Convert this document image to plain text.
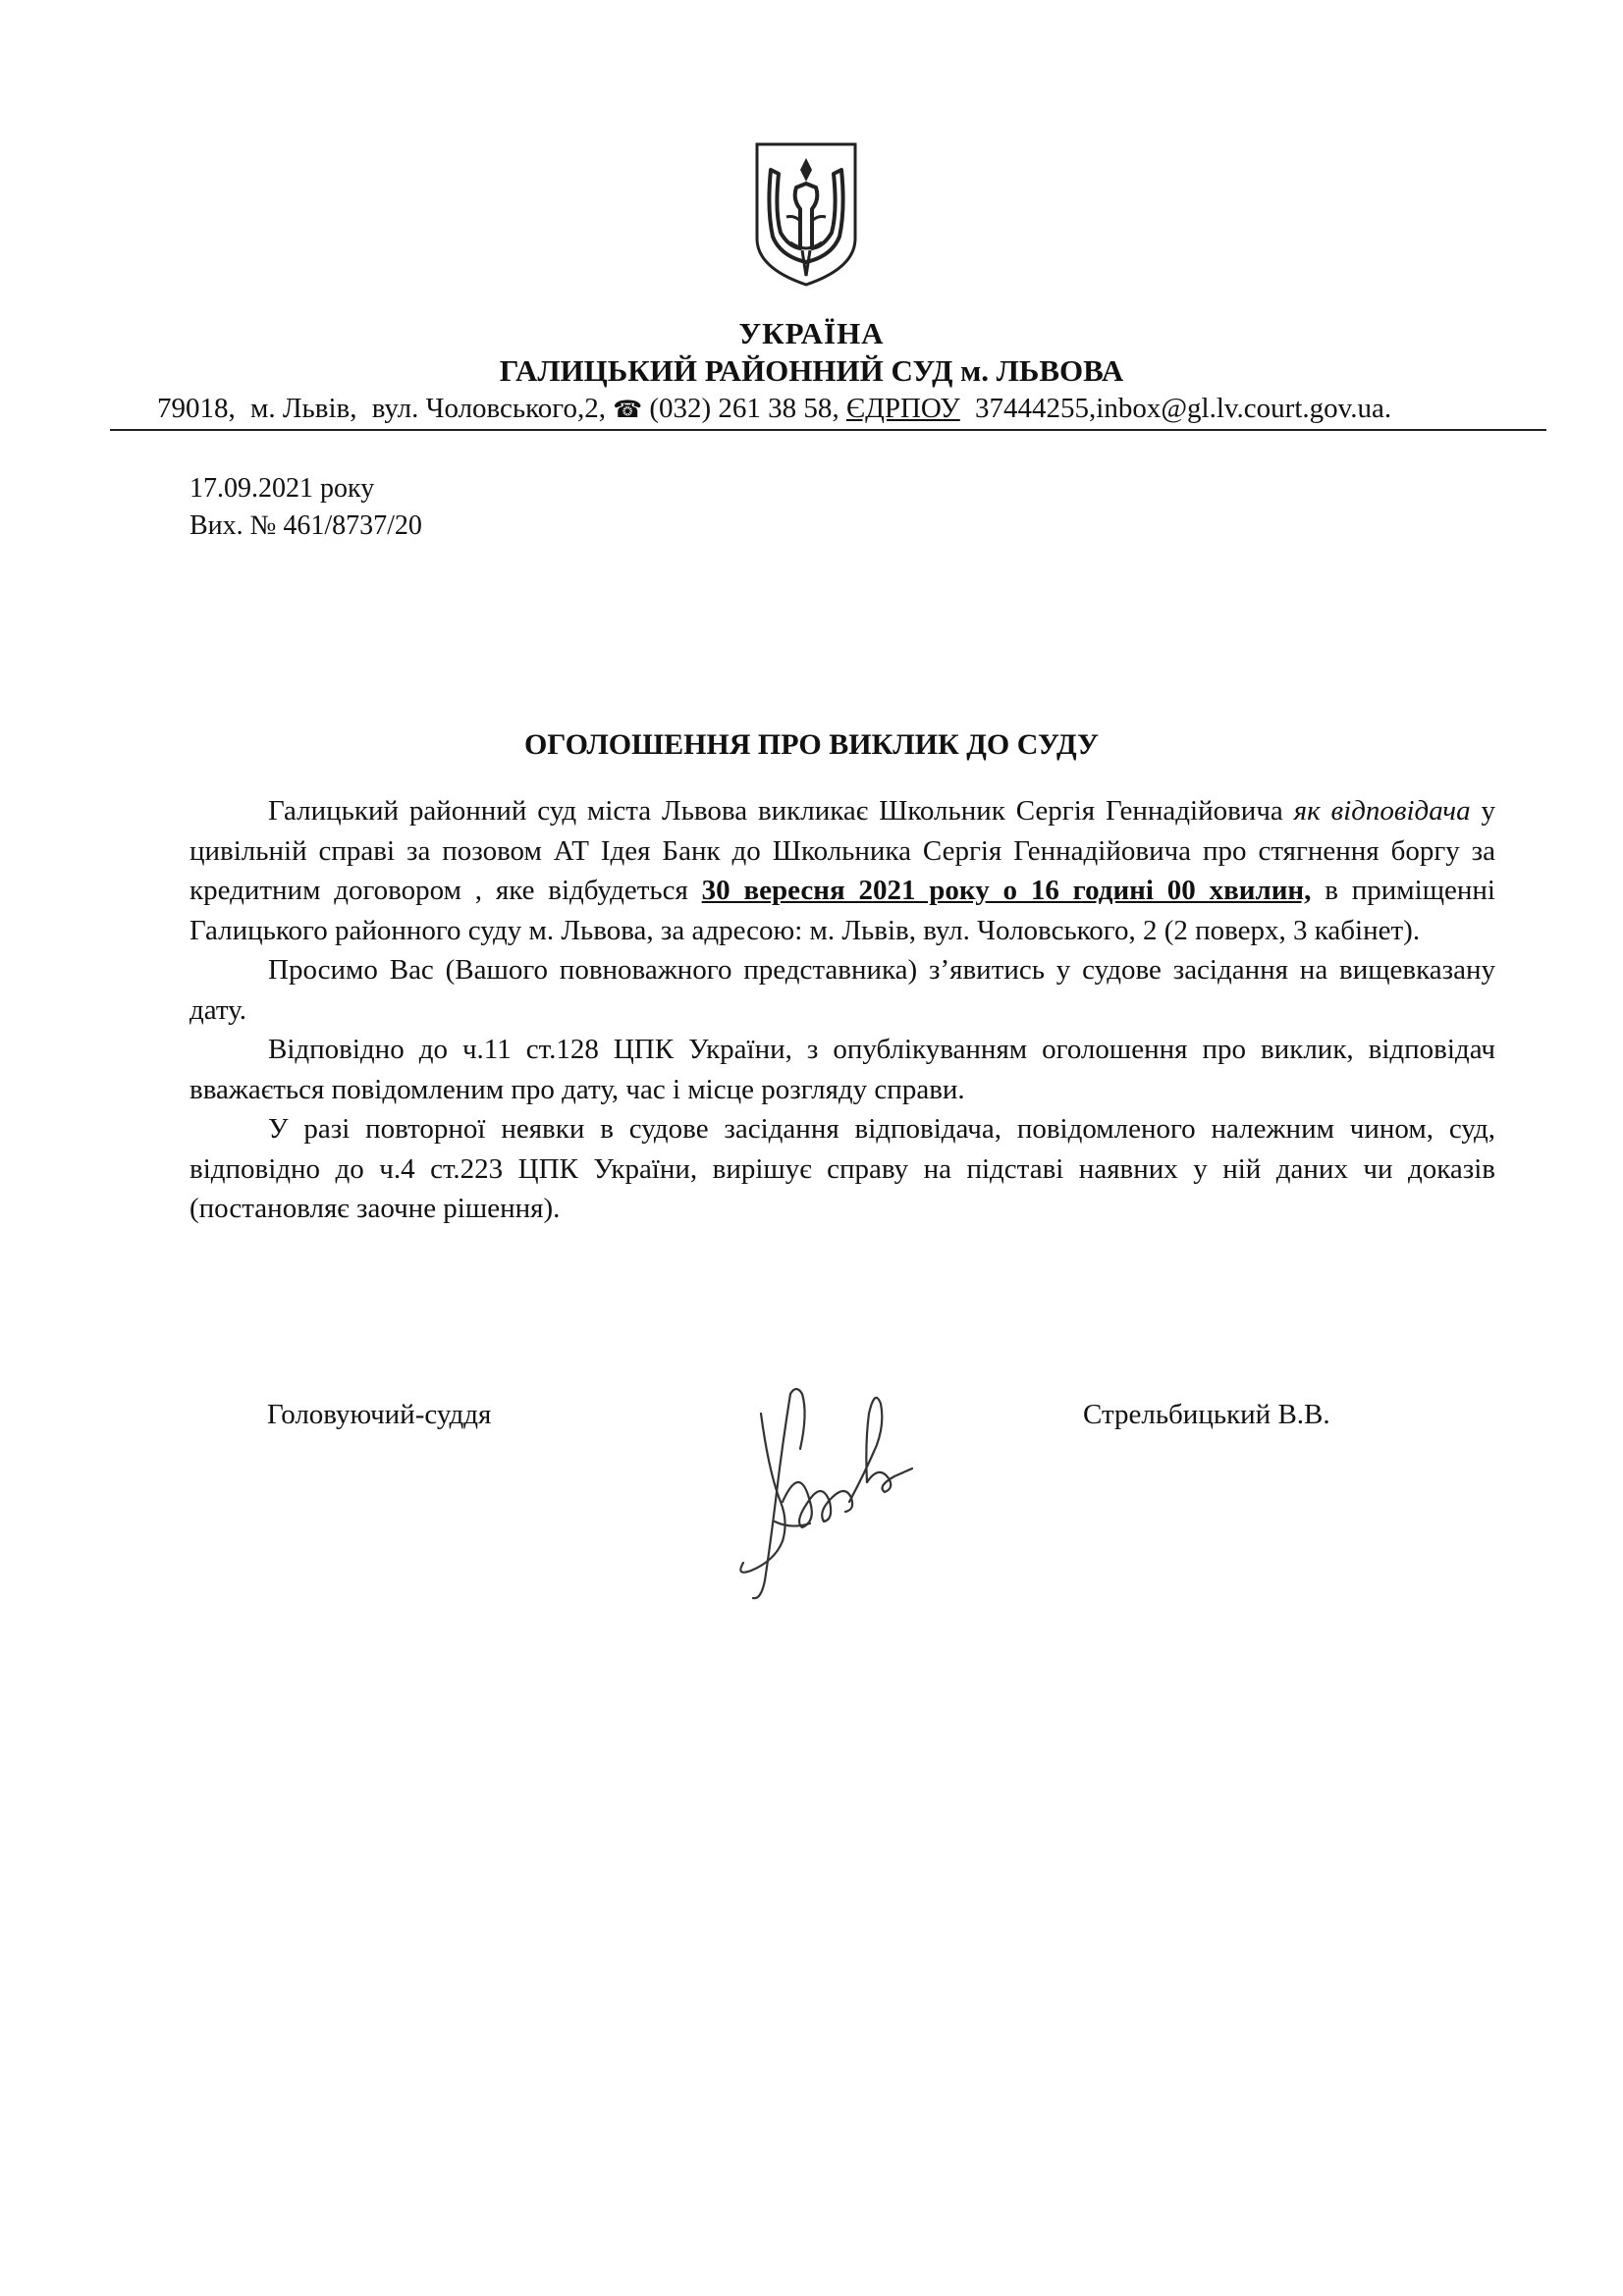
УКРАЇНА
ГАЛИЦЬКИЙ РАЙОННИЙ СУД м. ЛЬВОВА
79018, м. Львів, вул. Чоловського,2, ☎ (032) 261 38 58, ЄДРПОУ 37444255,inbox@gl.lv.court.gov.ua.
17.09.2021 року
Вих. № 461/8737/20
ОГОЛОШЕННЯ ПРО ВИКЛИК ДО СУДУ

Галицький районний суд міста Львова викликає Школьник Сергія Геннадійовича як відповідача у цивільній справі за позовом АТ Ідея Банк до Школьника Сергія Геннадійовича про стягнення боргу за кредитним договором , яке відбудеться 30 вересня 2021 року о 16 годині 00 хвилин, в приміщенні Галицького районного суду м. Львова, за адресою: м. Львів, вул. Чоловського, 2 (2 поверх, 3 кабінет).

Просимо Вас (Вашого повноважного представника) з’явитись у судове засідання на вищевказану дату.

Відповідно до ч.11 ст.128 ЦПК України, з опублікуванням оголошення про виклик, відповідач вважається повідомленим про дату, час і місце розгляду справи.

У разі повторної неявки в судове засідання відповідача, повідомленого належним чином, суд, відповідно до ч.4 ст.223 ЦПК України, вирішує справу на підставі наявних у ній даних чи доказів (постановляє заочне рішення).

Головуючий-суддя	Стрельбицький В.В.
